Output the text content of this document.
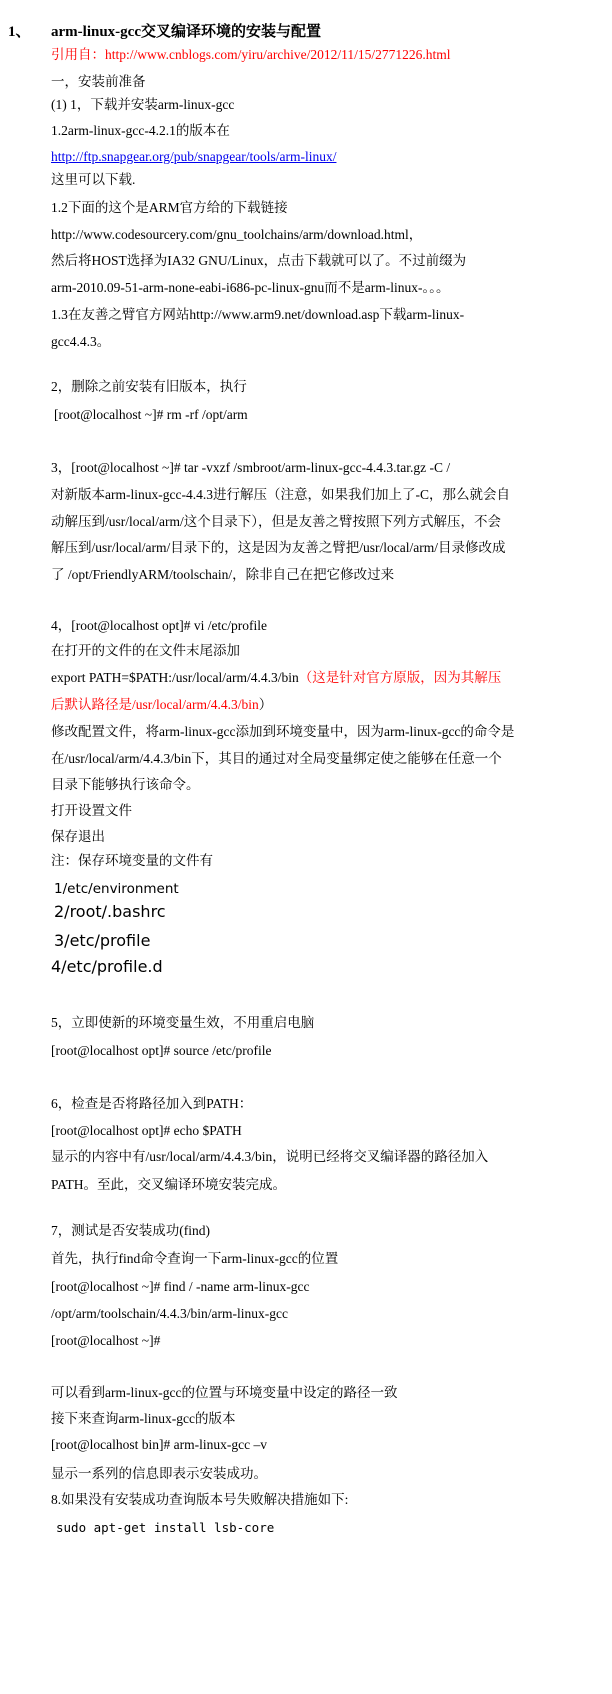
1、 arm-linux-gcc交叉编译环境的安装与配置
引用自：http://www.cnblogs.com/yiru/archive/2012/11/15/2771226.html
一，安装前准备
(1) 1，下载并安装arm-linux-gcc
1.2arm-linux-gcc-4.2.1的版本在
http://ftp.snapgear.org/pub/snapgear/tools/arm-linux/
这里可以下载.
1.2下面的这个是ARM官方给的下载链接
http://www.codesourcery.com/gnu_toolchains/arm/download.html，
然后将HOST选择为IA32 GNU/Linux，点击下载就可以了。不过前缀为
arm-2010.09-51-arm-none-eabi-i686-pc-linux-gnu而不是arm-linux-。。。
1.3在友善之臂官方网站http://www.arm9.net/download.asp下载arm-linux-
gcc4.4.3。
2，删除之前安装有旧版本，执行
[root@localhost ~]# rm -rf /opt/arm
3，[root@localhost ~]# tar -vxzf /smbroot/arm-linux-gcc-4.4.3.tar.gz -C /
对新版本arm-linux-gcc-4.4.3进行解压（注意，如果我们加上了-C，那么就会自
动解压到/usr/local/arm/这个目录下），但是友善之臂按照下列方式解压，不会
解压到/usr/local/arm/目录下的，这是因为友善之臂把/usr/local/arm/目录修改成
了 /opt/FriendlyARM/toolschain/，除非自己在把它修改过来
4，[root@localhost opt]# vi /etc/profile
在打开的文件的在文件末尾添加
export PATH=$PATH:/usr/local/arm/4.4.3/bin（这是针对官方原版，因为其解压
后默认路径是/usr/local/arm/4.4.3/bin）
修改配置文件，将arm-linux-gcc添加到环境变量中，因为arm-linux-gcc的命令是
在/usr/local/arm/4.4.3/bin下，其目的通过对全局变量绑定使之能够在任意一个
目录下能够执行该命令。
打开设置文件
保存退出
注：保存环境变量的文件有
1/etc/environment
2/root/.bashrc
3/etc/profile
4/etc/profile.d
5，立即使新的环境变量生效，不用重启电脑
[root@localhost opt]# source /etc/profile
6，检查是否将路径加入到PATH：
[root@localhost opt]# echo $PATH
显示的内容中有/usr/local/arm/4.4.3/bin，说明已经将交叉编译器的路径加入
PATH。至此，交叉编译环境安装完成。
7，测试是否安装成功(find)
首先，执行find命令查询一下arm-linux-gcc的位置
[root@localhost ~]# find / -name arm-linux-gcc
/opt/arm/toolschain/4.4.3/bin/arm-linux-gcc
[root@localhost ~]#
可以看到arm-linux-gcc的位置与环境变量中设定的路径一致
接下来查询arm-linux-gcc的版本
[root@localhost bin]# arm-linux-gcc –v
显示一系列的信息即表示安装成功。
8.如果没有安装成功查询版本号失败解决措施如下:
sudo apt-get install lsb-core
